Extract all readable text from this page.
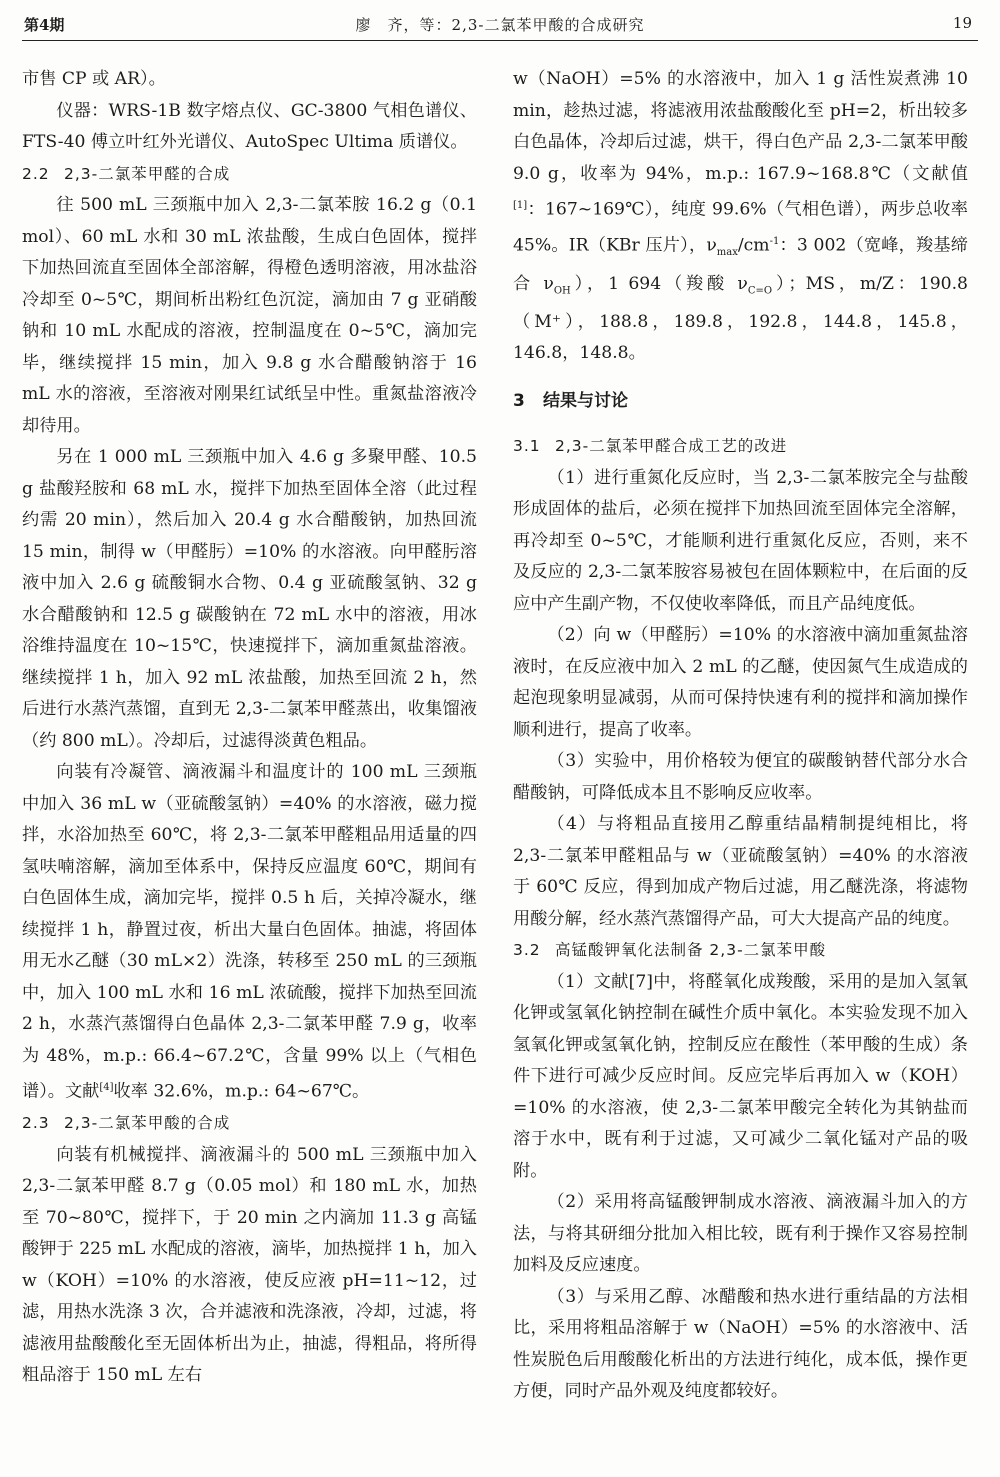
第4期	廖　齐，等：2,3-二氯苯甲酸的合成研究	19

市售 CP 或 AR）。

仪器：WRS-1B 数字熔点仪、GC-3800 气相色谱仪、FTS-40 傅立叶红外光谱仪、AutoSpec Ultima 质谱仪。

2.2 2,3-二氯苯甲醛的合成

往 500 mL 三颈瓶中加入 2,3-二氯苯胺 16.2 g（0.1 mol）、60 mL 水和 30 mL 浓盐酸，生成白色固体，搅拌下加热回流直至固体全部溶解，得橙色透明溶液，用冰盐浴冷却至 0~5℃，期间析出粉红色沉淀，滴加由 7 g 亚硝酸钠和 10 mL 水配成的溶液，控制温度在 0~5℃，滴加完毕，继续搅拌 15 min，加入 9.8 g 水合醋酸钠溶于 16 mL 水的溶液，至溶液对刚果红试纸呈中性。重氮盐溶液冷却待用。

另在 1 000 mL 三颈瓶中加入 4.6 g 多聚甲醛、10.5 g 盐酸羟胺和 68 mL 水，搅拌下加热至固体全溶（此过程约需 20 min），然后加入 20.4 g 水合醋酸钠，加热回流 15 min，制得 w（甲醛肟）=10% 的水溶液。向甲醛肟溶液中加入 2.6 g 硫酸铜水合物、0.4 g 亚硫酸氢钠、32 g 水合醋酸钠和 12.5 g 碳酸钠在 72 mL 水中的溶液，用冰浴维持温度在 10~15℃，快速搅拌下，滴加重氮盐溶液。继续搅拌 1 h，加入 92 mL 浓盐酸，加热至回流 2 h，然后进行水蒸汽蒸馏，直到无 2,3-二氯苯甲醛蒸出，收集馏液（约 800 mL）。冷却后，过滤得淡黄色粗品。

向装有冷凝管、滴液漏斗和温度计的 100 mL 三颈瓶中加入 36 mL w（亚硫酸氢钠）=40% 的水溶液，磁力搅拌，水浴加热至 60℃，将 2,3-二氯苯甲醛粗品用适量的四氢呋喃溶解，滴加至体系中，保持反应温度 60℃，期间有白色固体生成，滴加完毕，搅拌 0.5 h 后，关掉冷凝水，继续搅拌 1 h，静置过夜，析出大量白色固体。抽滤，将固体用无水乙醚（30 mL×2）洗涤，转移至 250 mL 的三颈瓶中，加入 100 mL 水和 16 mL 浓硫酸，搅拌下加热至回流 2 h，水蒸汽蒸馏得白色晶体 2,3-二氯苯甲醛 7.9 g，收率为 48%，m.p.: 66.4~67.2℃，含量 99% 以上（气相色谱）。文献[4]收率 32.6%，m.p.: 64~67℃。

2.3 2,3-二氯苯甲酸的合成

向装有机械搅拌、滴液漏斗的 500 mL 三颈瓶中加入 2,3-二氯苯甲醛 8.7 g（0.05 mol）和 180 mL 水，加热至 70~80℃，搅拌下，于 20 min 之内滴加 11.3 g 高锰酸钾于 225 mL 水配成的溶液，滴毕，加热搅拌 1 h，加入 w（KOH）=10% 的水溶液，使反应液 pH=11~12，过滤，用热水洗涤 3 次，合并滤液和洗涤液，冷却，过滤，将滤液用盐酸酸化至无固体析出为止，抽滤，得粗品，将所得粗品溶于 150 mL 左右

w（NaOH）=5% 的水溶液中，加入 1 g 活性炭煮沸 10 min，趁热过滤，将滤液用浓盐酸酸化至 pH=2，析出较多白色晶体，冷却后过滤，烘干，得白色产品 2,3-二氯苯甲酸 9.0 g，收率为 94%，m.p.: 167.9~168.8℃（文献值[1]：167~169℃），纯度 99.6%（气相色谱），两步总收率 45%。IR（KBr 压片），$\nu_{max}/cm^{-1}$：3 002（宽峰，羧基缔合 $\nu_{OH}$），1 694（羧酸 $\nu_{C=O}$）；MS，m/Z：190.8（M⁺），188.8，189.8，192.8，144.8，145.8，146.8，148.8。

3 结果与讨论

3.1 2,3-二氯苯甲醛合成工艺的改进

（1）进行重氮化反应时，当 2,3-二氯苯胺完全与盐酸形成固体的盐后，必须在搅拌下加热回流至固体完全溶解，再冷却至 0~5℃，才能顺利进行重氮化反应，否则，来不及反应的 2,3-二氯苯胺容易被包在固体颗粒中，在后面的反应中产生副产物，不仅使收率降低，而且产品纯度低。

（2）向 w（甲醛肟）=10% 的水溶液中滴加重氮盐溶液时，在反应液中加入 2 mL 的乙醚，使因氮气生成造成的起泡现象明显减弱，从而可保持快速有利的搅拌和滴加操作顺利进行，提高了收率。

（3）实验中，用价格较为便宜的碳酸钠替代部分水合醋酸钠，可降低成本且不影响反应收率。

（4）与将粗品直接用乙醇重结晶精制提纯相比，将 2,3-二氯苯甲醛粗品与 w（亚硫酸氢钠）=40% 的水溶液于 60℃ 反应，得到加成产物后过滤，用乙醚洗涤，将滤物用酸分解，经水蒸汽蒸馏得产品，可大大提高产品的纯度。

3.2 高锰酸钾氧化法制备 2,3-二氯苯甲酸

（1）文献[7]中，将醛氧化成羧酸，采用的是加入氢氧化钾或氢氧化钠控制在碱性介质中氧化。本实验发现不加入氢氧化钾或氢氧化钠，控制反应在酸性（苯甲酸的生成）条件下进行可减少反应时间。反应完毕后再加入 w（KOH）=10% 的水溶液，使 2,3-二氯苯甲酸完全转化为其钠盐而溶于水中，既有利于过滤，又可减少二氧化锰对产品的吸附。

（2）采用将高锰酸钾制成水溶液、滴液漏斗加入的方法，与将其研细分批加入相比较，既有利于操作又容易控制加料及反应速度。

（3）与采用乙醇、冰醋酸和热水进行重结晶的方法相比，采用将粗品溶解于 w（NaOH）=5% 的水溶液中、活性炭脱色后用酸酸化析出的方法进行纯化，成本低，操作更方便，同时产品外观及纯度都较好。
